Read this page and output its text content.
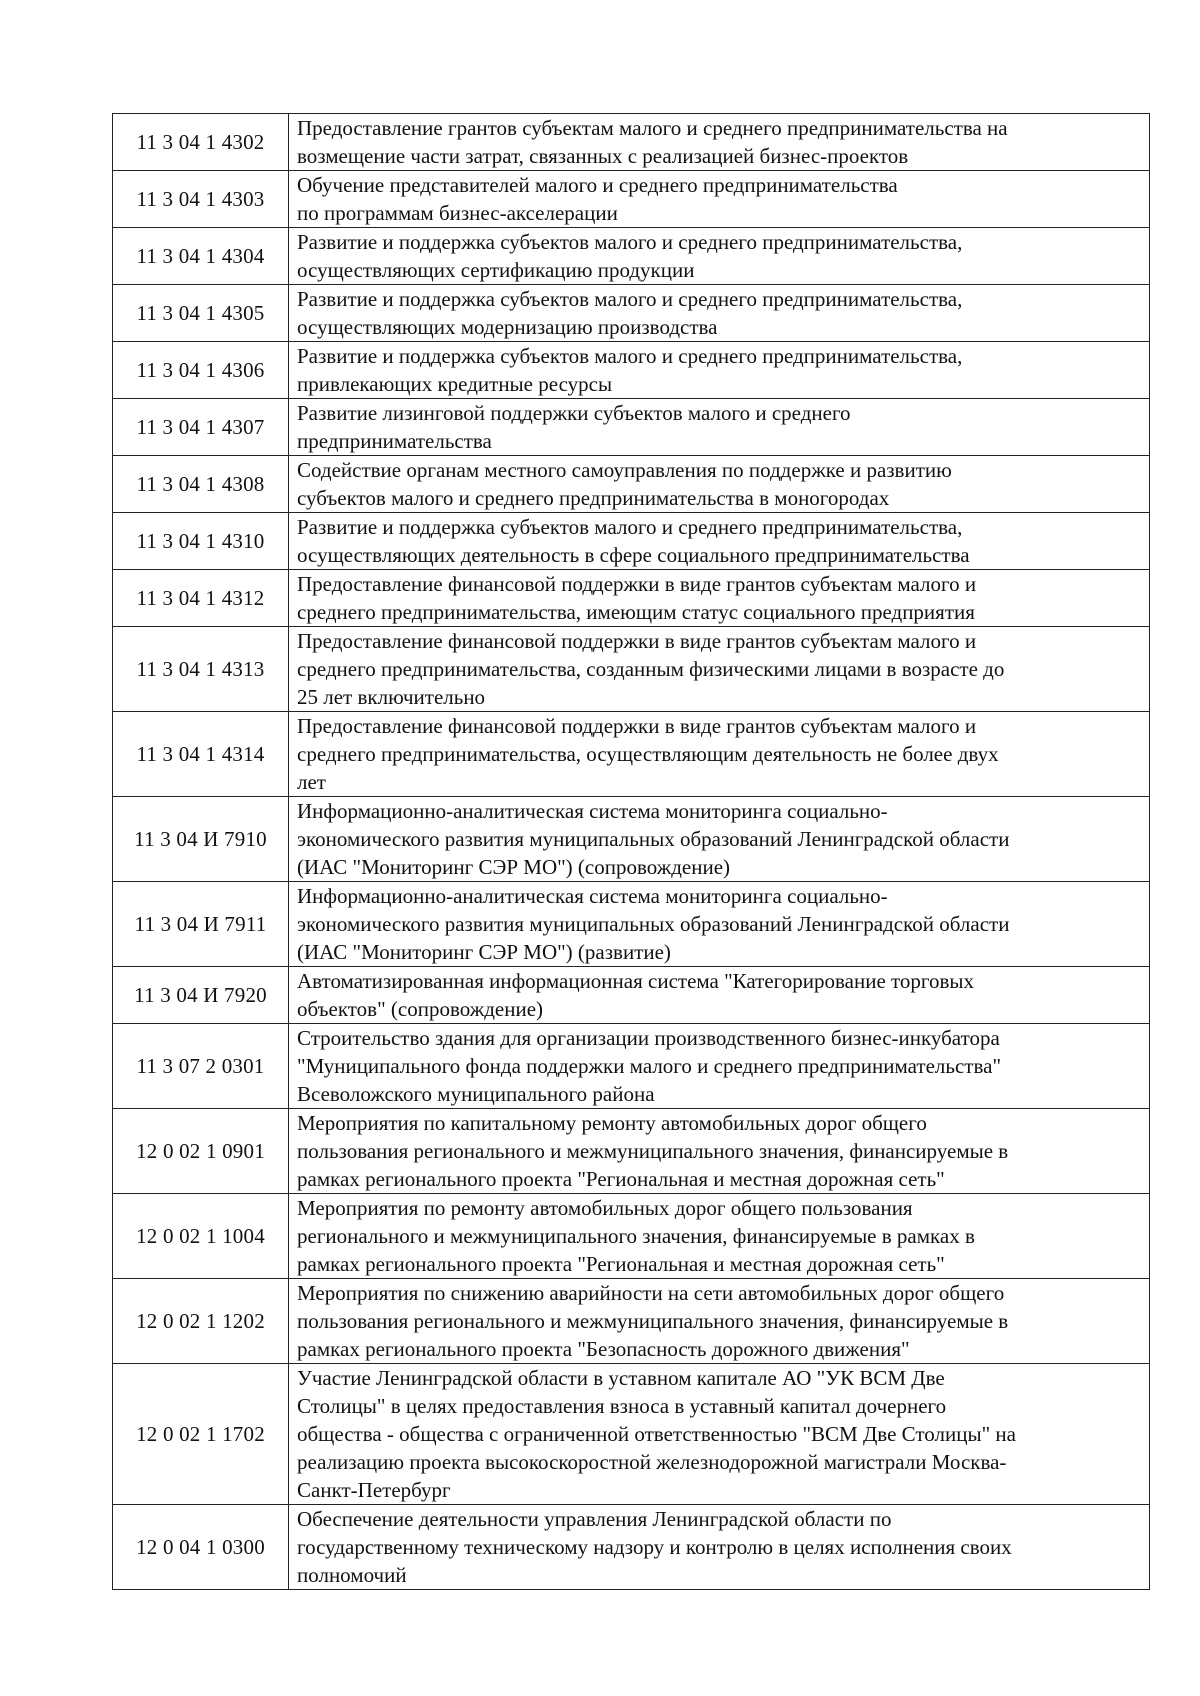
11 3 04 1 4302	Предоставление грантов субъектам малого и среднего предпринимательства на
возмещение части затрат, связанных с реализацией бизнес-проектов

11 3 04 1 4303	Обучение представителей малого и среднего предпринимательства
по программам бизнес-акселерации

11 3 04 1 4304	Развитие и поддержка субъектов малого и среднего предпринимательства,
осуществляющих сертификацию продукции

11 3 04 1 4305	Развитие и поддержка субъектов малого и среднего предпринимательства,
осуществляющих модернизацию производства

11 3 04 1 4306	Развитие и поддержка субъектов малого и среднего предпринимательства,
привлекающих кредитные ресурсы

11 3 04 1 4307	Развитие лизинговой поддержки субъектов малого и среднего
предпринимательства

11 3 04 1 4308	Содействие органам местного самоуправления по поддержке и развитию
субъектов малого и среднего предпринимательства в моногородах

11 3 04 1 4310	Развитие и поддержка субъектов малого и среднего предпринимательства,
осуществляющих деятельность в сфере социального предпринимательства

11 3 04 1 4312	Предоставление финансовой поддержки в виде грантов субъектам малого и
среднего предпринимательства, имеющим статус социального предприятия

11 3 04 1 4313	Предоставление финансовой поддержки в виде грантов субъектам малого и
среднего предпринимательства, созданным физическими лицами в возрасте до
25 лет включительно

11 3 04 1 4314	Предоставление финансовой поддержки в виде грантов субъектам малого и
среднего предпринимательства, осуществляющим деятельность не более двух
лет

11 3 04 И 7910	Информационно-аналитическая система мониторинга социально-
экономического развития муниципальных образований Ленинградской области
(ИАС "Мониторинг СЭР МО") (сопровождение)

11 3 04 И 7911	Информационно-аналитическая система мониторинга социально-
экономического развития муниципальных образований Ленинградской области
(ИАС "Мониторинг СЭР МО") (развитие)

11 3 04 И 7920	Автоматизированная информационная система "Категорирование торговых
объектов" (сопровождение)

11 3 07 2 0301	Строительство здания для организации производственного бизнес-инкубатора
"Муниципального фонда поддержки малого и среднего предпринимательства"
Всеволожского муниципального района

12 0 02 1 0901	Мероприятия по капитальному ремонту автомобильных дорог общего
пользования регионального и межмуниципального значения, финансируемые в
рамках регионального проекта "Региональная и местная дорожная сеть"

12 0 02 1 1004	Мероприятия по ремонту автомобильных дорог общего пользования
регионального и межмуниципального значения, финансируемые в рамках в
рамках регионального проекта "Региональная и местная дорожная сеть"

12 0 02 1 1202	Мероприятия по снижению аварийности на сети автомобильных дорог общего
пользования регионального и межмуниципального значения, финансируемые в
рамках регионального проекта "Безопасность дорожного движения"

12 0 02 1 1702	Участие Ленинградской области в уставном капитале АО "УК ВСМ Две
Столицы" в целях предоставления взноса в уставный капитал дочернего
общества - общества с ограниченной ответственностью "ВСМ Две Столицы" на
реализацию проекта высокоскоростной железнодорожной магистрали Москва-
Санкт-Петербург

12 0 04 1 0300	Обеспечение деятельности управления Ленинградской области по
государственному техническому надзору и контролю в целях исполнения своих
полномочий
